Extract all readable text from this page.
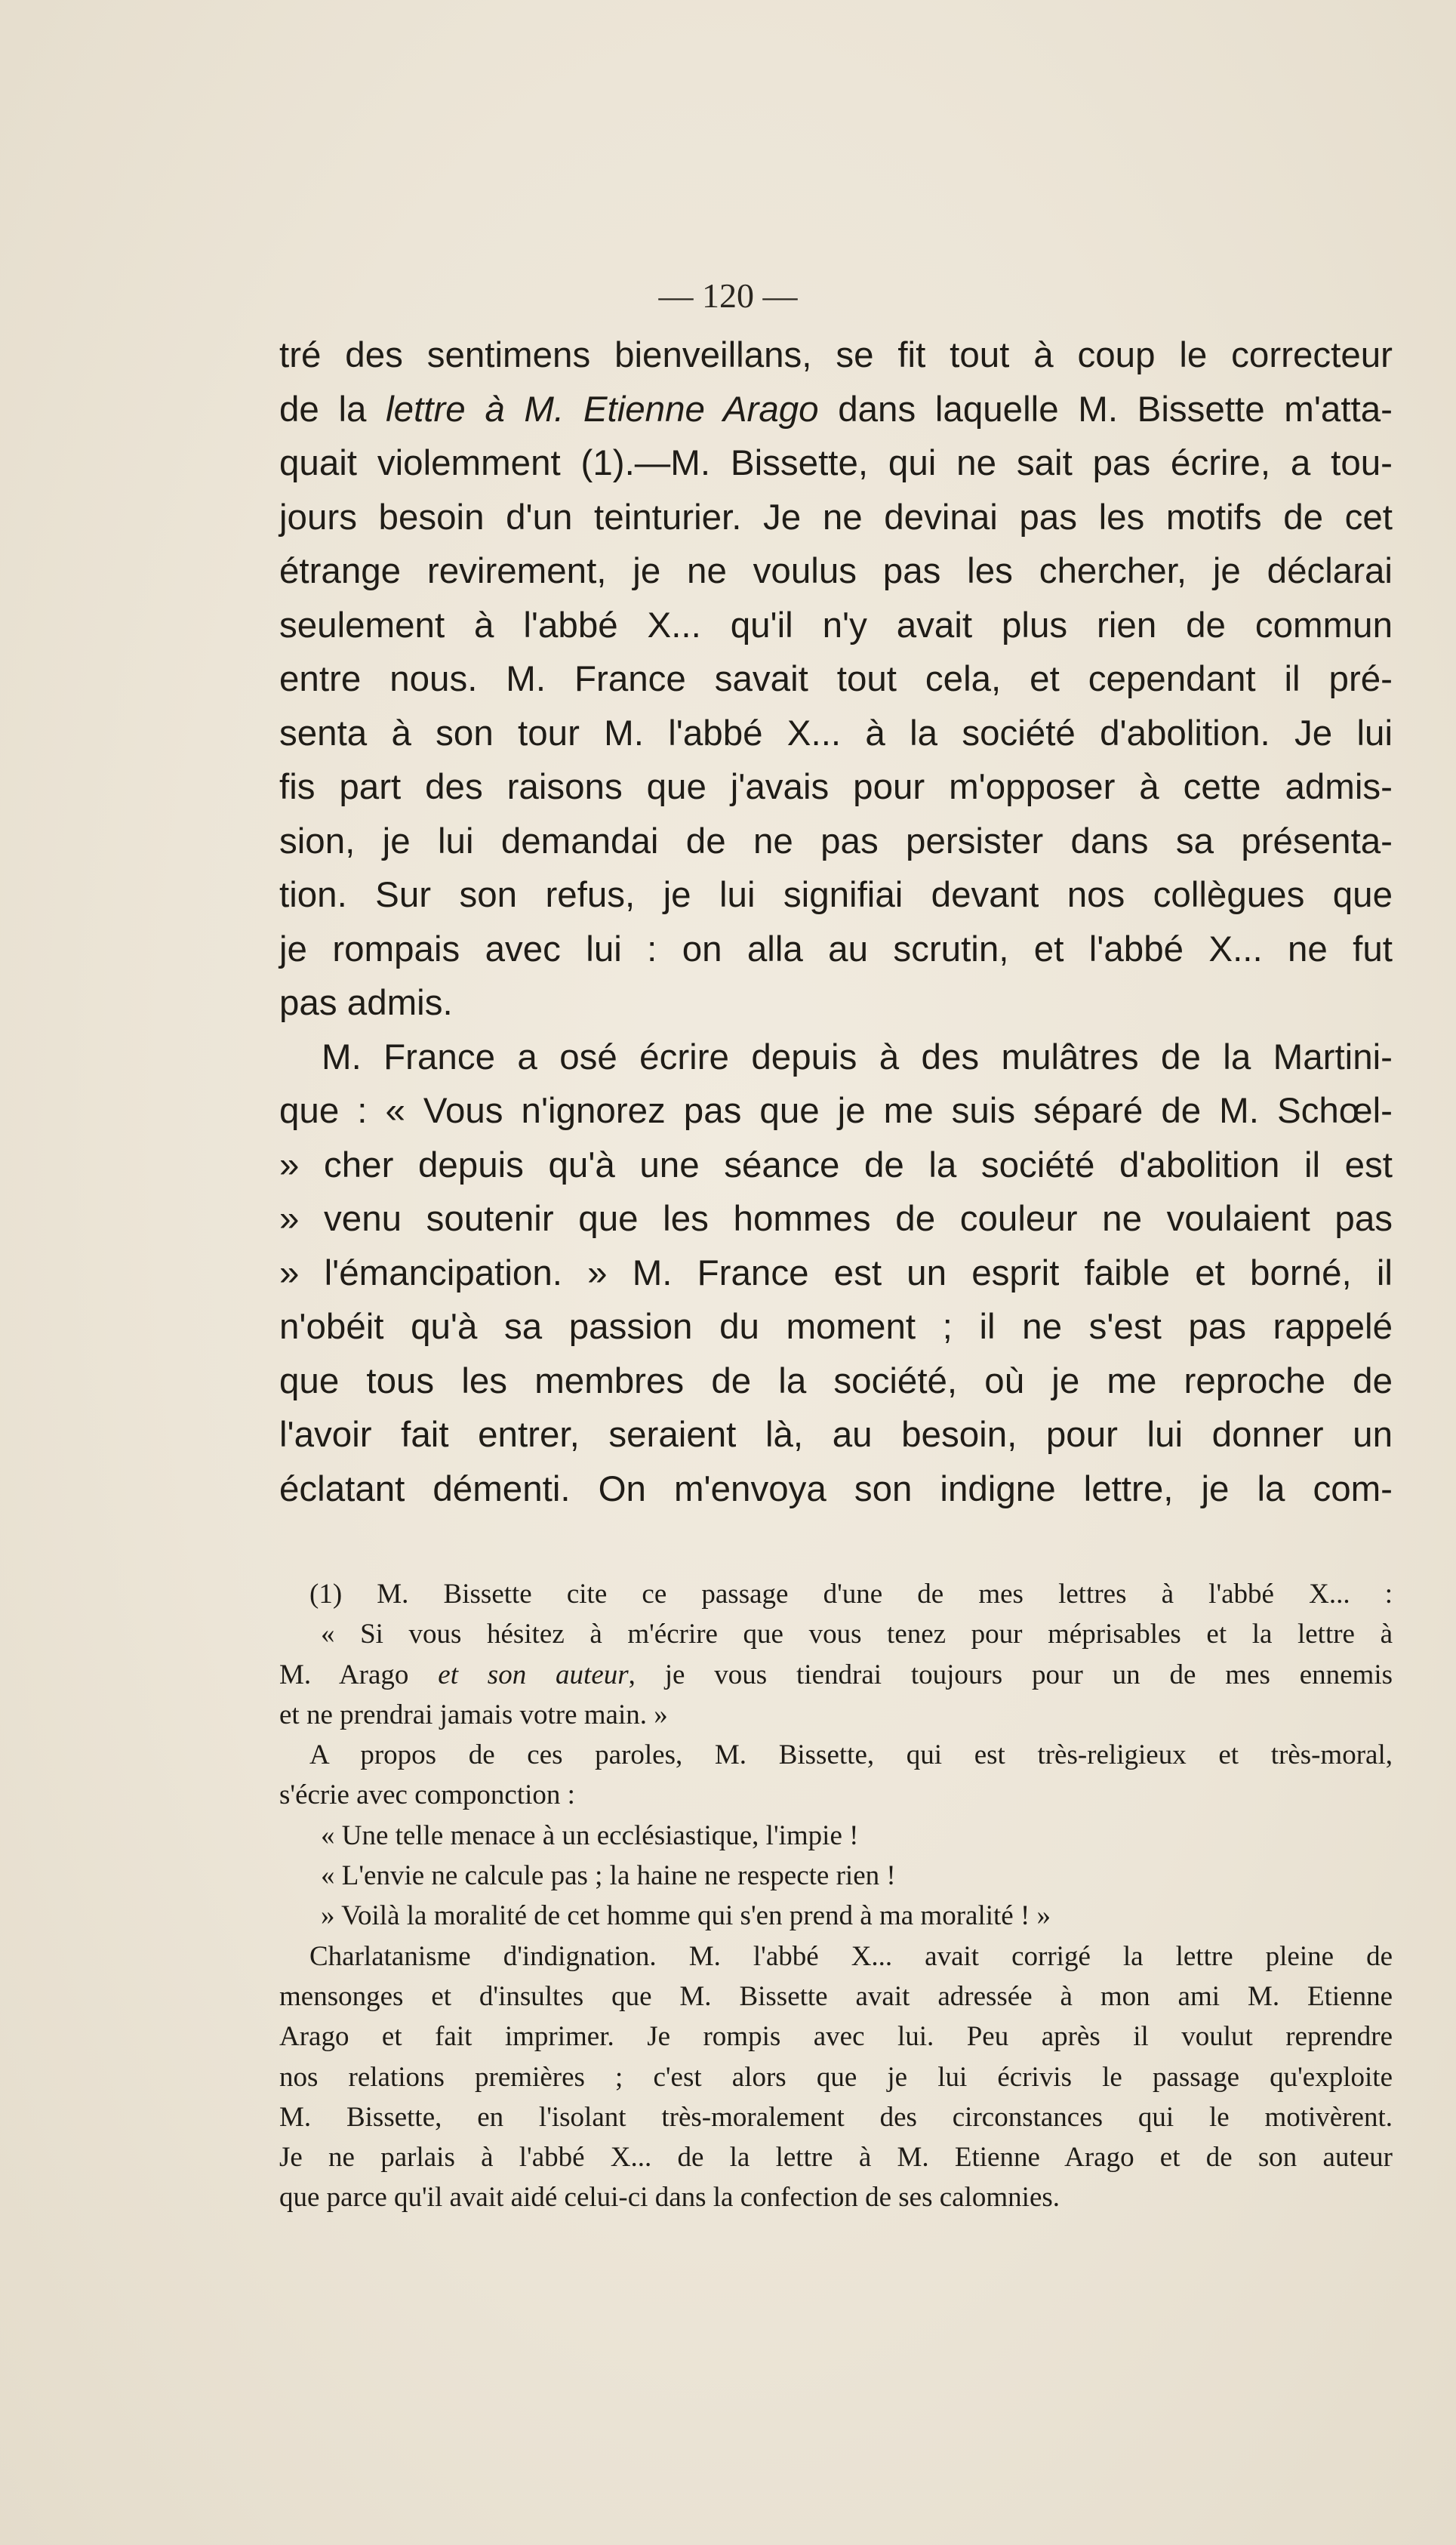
— 120 —
tré des sentimens bienveillans, se fit tout à coup le correcteur
de la lettre à M. Etienne Arago dans laquelle M. Bissette m'atta-
quait violemment (1).—M. Bissette, qui ne sait pas écrire, a tou-
jours besoin d'un teinturier. Je ne devinai pas les motifs de cet
étrange revirement, je ne voulus pas les chercher, je déclarai
seulement à l'abbé X... qu'il n'y avait plus rien de commun
entre nous. M. France savait tout cela, et cependant il pré-
senta à son tour M. l'abbé X... à la société d'abolition. Je lui
fis part des raisons que j'avais pour m'opposer à cette admis-
sion, je lui demandai de ne pas persister dans sa présenta-
tion. Sur son refus, je lui signifiai devant nos collègues que
je rompais avec lui : on alla au scrutin, et l'abbé X... ne fut
pas admis.
M. France a osé écrire depuis à des mulâtres de la Martini-
que : « Vous n'ignorez pas que je me suis séparé de M. Schœl-
» cher depuis qu'à une séance de la société d'abolition il est
» venu soutenir que les hommes de couleur ne voulaient pas
» l'émancipation. » M. France est un esprit faible et borné, il
n'obéit qu'à sa passion du moment ; il ne s'est pas rappelé
que tous les membres de la société, où je me reproche de
l'avoir fait entrer, seraient là, au besoin, pour lui donner un
éclatant démenti. On m'envoya son indigne lettre, je la com-
(1) M. Bissette cite ce passage d'une de mes lettres à l'abbé X... :
« Si vous hésitez à m'écrire que vous tenez pour méprisables et la lettre à
M. Arago et son auteur, je vous tiendrai toujours pour un de mes ennemis
et ne prendrai jamais votre main. »
A propos de ces paroles, M. Bissette, qui est très-religieux et très-moral,
s'écrie avec componction :
« Une telle menace à un ecclésiastique, l'impie !
« L'envie ne calcule pas ; la haine ne respecte rien !
» Voilà la moralité de cet homme qui s'en prend à ma moralité ! »
Charlatanisme d'indignation. M. l'abbé X... avait corrigé la lettre pleine de
mensonges et d'insultes que M. Bissette avait adressée à mon ami M. Etienne
Arago et fait imprimer. Je rompis avec lui. Peu après il voulut reprendre
nos relations premières ; c'est alors que je lui écrivis le passage qu'exploite
M. Bissette, en l'isolant très-moralement des circonstances qui le motivèrent.
Je ne parlais à l'abbé X... de la lettre à M. Etienne Arago et de son auteur
que parce qu'il avait aidé celui-ci dans la confection de ses calomnies.
